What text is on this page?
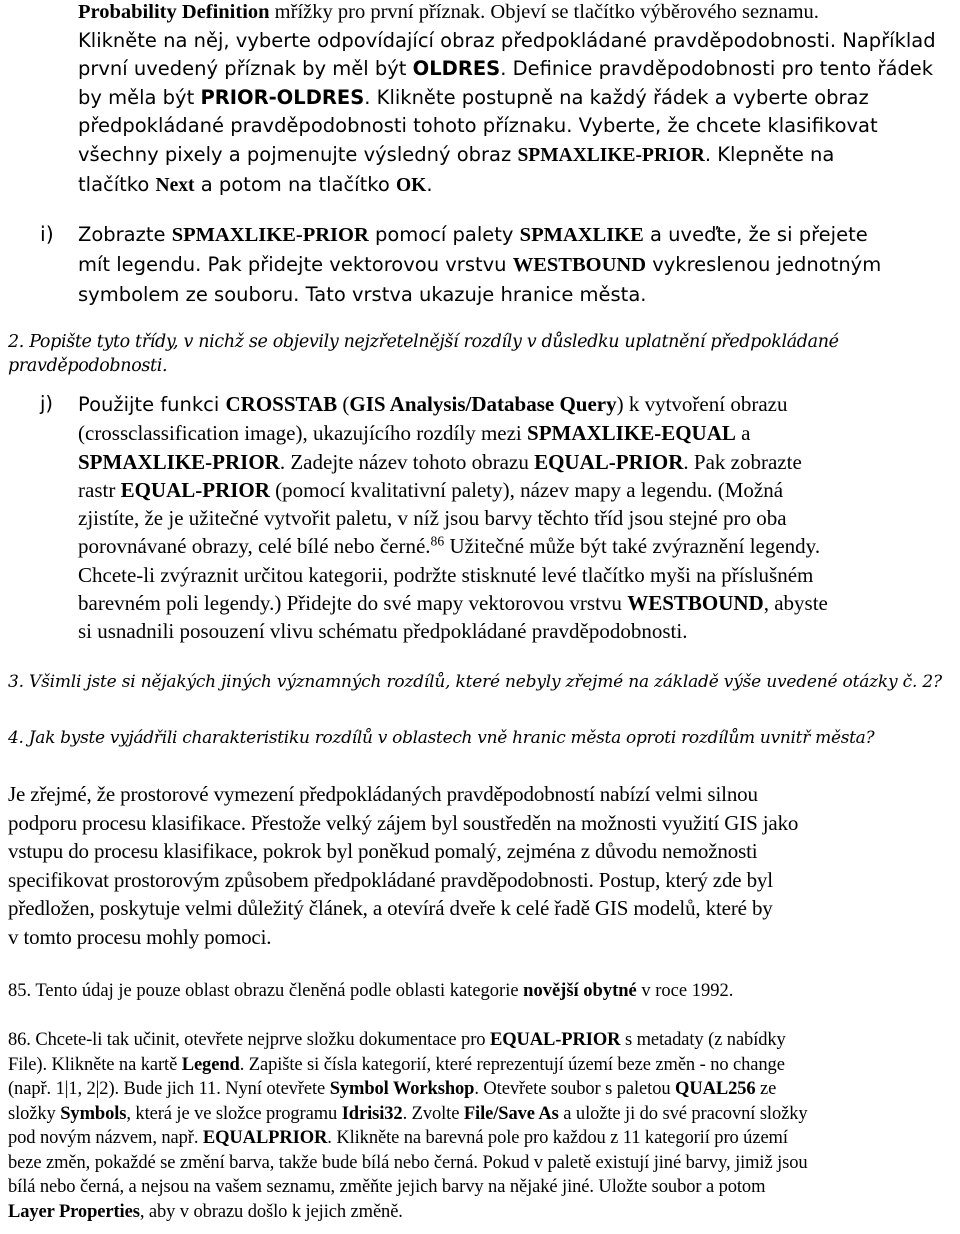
Probability Definition mřížky pro první příznak. Objeví se tlačítko výběrového seznamu.
Klikněte na něj, vyberte odpovídající obraz předpokládané pravděpodobnosti. Například
první uvedený příznak by měl být OLDRES. Definice pravděpodobnosti pro tento řádek
by měla být PRIOR-OLDRES. Klikněte postupně na každý řádek a vyberte obraz
předpokládané pravděpodobnosti tohoto příznaku. Vyberte, že chcete klasifikovat
všechny pixely a pojmenujte výsledný obraz SPMAXLIKE-PRIOR. Klepněte na
tlačítko Next a potom na tlačítko OK.
i) Zobrazte SPMAXLIKE-PRIOR pomocí palety SPMAXLIKE a uveďte, že si přejete
mít legendu. Pak přidejte vektorovou vrstvu WESTBOUND vykreslenou jednotným
symbolem ze souboru. Tato vrstva ukazuje hranice města.
2. Popište tyto třídy, v nichž se objevily nejzřetelnější rozdíly v důsledku uplatnění předpokládané pravděpodobnosti.
j) Použijte funkci CROSSTAB (GIS Analysis/Database Query) k vytvoření obrazu
(crossclassification image), ukazujícího rozdíly mezi SPMAXLIKE-EQUAL a
SPMAXLIKE-PRIOR. Zadejte název tohoto obrazu EQUAL-PRIOR. Pak zobrazte
rastr EQUAL-PRIOR (pomocí kvalitativní palety), název mapy a legendu. (Možná
zjistíte, že je užitečné vytvořit paletu, v níž jsou barvy těchto tříd jsou stejné pro oba
porovnávané obrazy, celé bílé nebo černé.$^{86}$ Užitečné může být také zvýraznění legendy.
Chcete-li zvýraznit určitou kategorii, podržte stisknuté levé tlačítko myši na příslušném
barevném poli legendy.) Přidejte do své mapy vektorovou vrstvu WESTBOUND, abyste
si usnadnili posouzení vlivu schématu předpokládané pravděpodobnosti.
3. Všimli jste si nějakých jiných významných rozdílů, které nebyly zřejmé na základě výše uvedené otázky č. 2?
4. Jak byste vyjádřili charakteristiku rozdílů v oblastech vně hranic města oproti rozdílům uvnitř města?
Je zřejmé, že prostorové vymezení předpokládaných pravděpodobností nabízí velmi silnou
podporu procesu klasifikace. Přestože velký zájem byl soustředěn na možnosti využití GIS jako
vstupu do procesu klasifikace, pokrok byl poněkud pomalý, zejména z důvodu nemožnosti
specifikovat prostorovým způsobem předpokládané pravděpodobnosti. Postup, který zde byl
předložen, poskytuje velmi důležitý článek, a otevírá dveře k celé řadě GIS modelů, které by
v tomto procesu mohly pomoci.
85. Tento údaj je pouze oblast obrazu členěná podle oblasti kategorie novější obytné v roce 1992.
86. Chcete-li tak učinit, otevřete nejprve složku dokumentace pro EQUAL-PRIOR s metadaty (z nabídky
File). Klikněte na kartě Legend. Zapište si čísla kategorií, které reprezentují území beze změn - no change
(např. 1|1, 2|2). Bude jich 11. Nyní otevřete Symbol Workshop. Otevřete soubor s paletou QUAL256 ze
složky Symbols, která je ve složce programu Idrisi32. Zvolte File/Save As a uložte ji do své pracovní složky
pod novým názvem, např. EQUALPRIOR. Klikněte na barevná pole pro každou z 11 kategorií pro území
beze změn, pokaždé se změní barva, takže bude bílá nebo černá. Pokud v paletě existují jiné barvy, jimiž jsou
bílá nebo černá, a nejsou na vašem seznamu, změňte jejich barvy na nějaké jiné. Uložte soubor a potom
Layer Properties, aby v obrazu došlo k jejich změně.
